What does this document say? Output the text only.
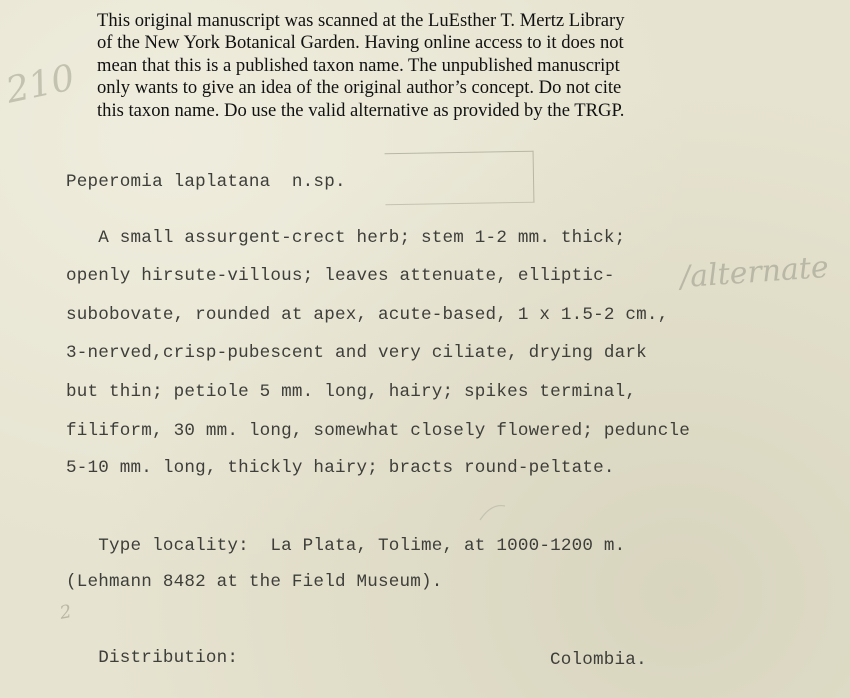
This original manuscript was scanned at the LuEsther T. Mertz Library

of the New York Botanical Garden. Having online access to it does not

mean that this is a published taxon name. The unpublished manuscript

only wants to give an idea of the original author’s concept. Do not cite

this taxon name. Do use the valid alternative as provided by the TRGP.

210
Peperomia laplatana  n.sp.
A small assurgent-crect herb; stem 1-2 mm. thick;
openly hirsute-villous; leaves attenuate, elliptic-
subobovate, rounded at apex, acute-based, 1 x 1.5-2 cm.,
3-nerved,crisp-pubescent and very ciliate, drying dark
but thin; petiole 5 mm. long, hairy; spikes terminal,
filiform, 30 mm. long, somewhat closely flowered; peduncle
5-10 mm. long, thickly hairy; bracts round-peltate.
/alternate
Type locality:  La Plata, Tolime, at 1000-1200 m.
(Lehmann 8482 at the Field Museum).
2
Distribution:	Colombia.
